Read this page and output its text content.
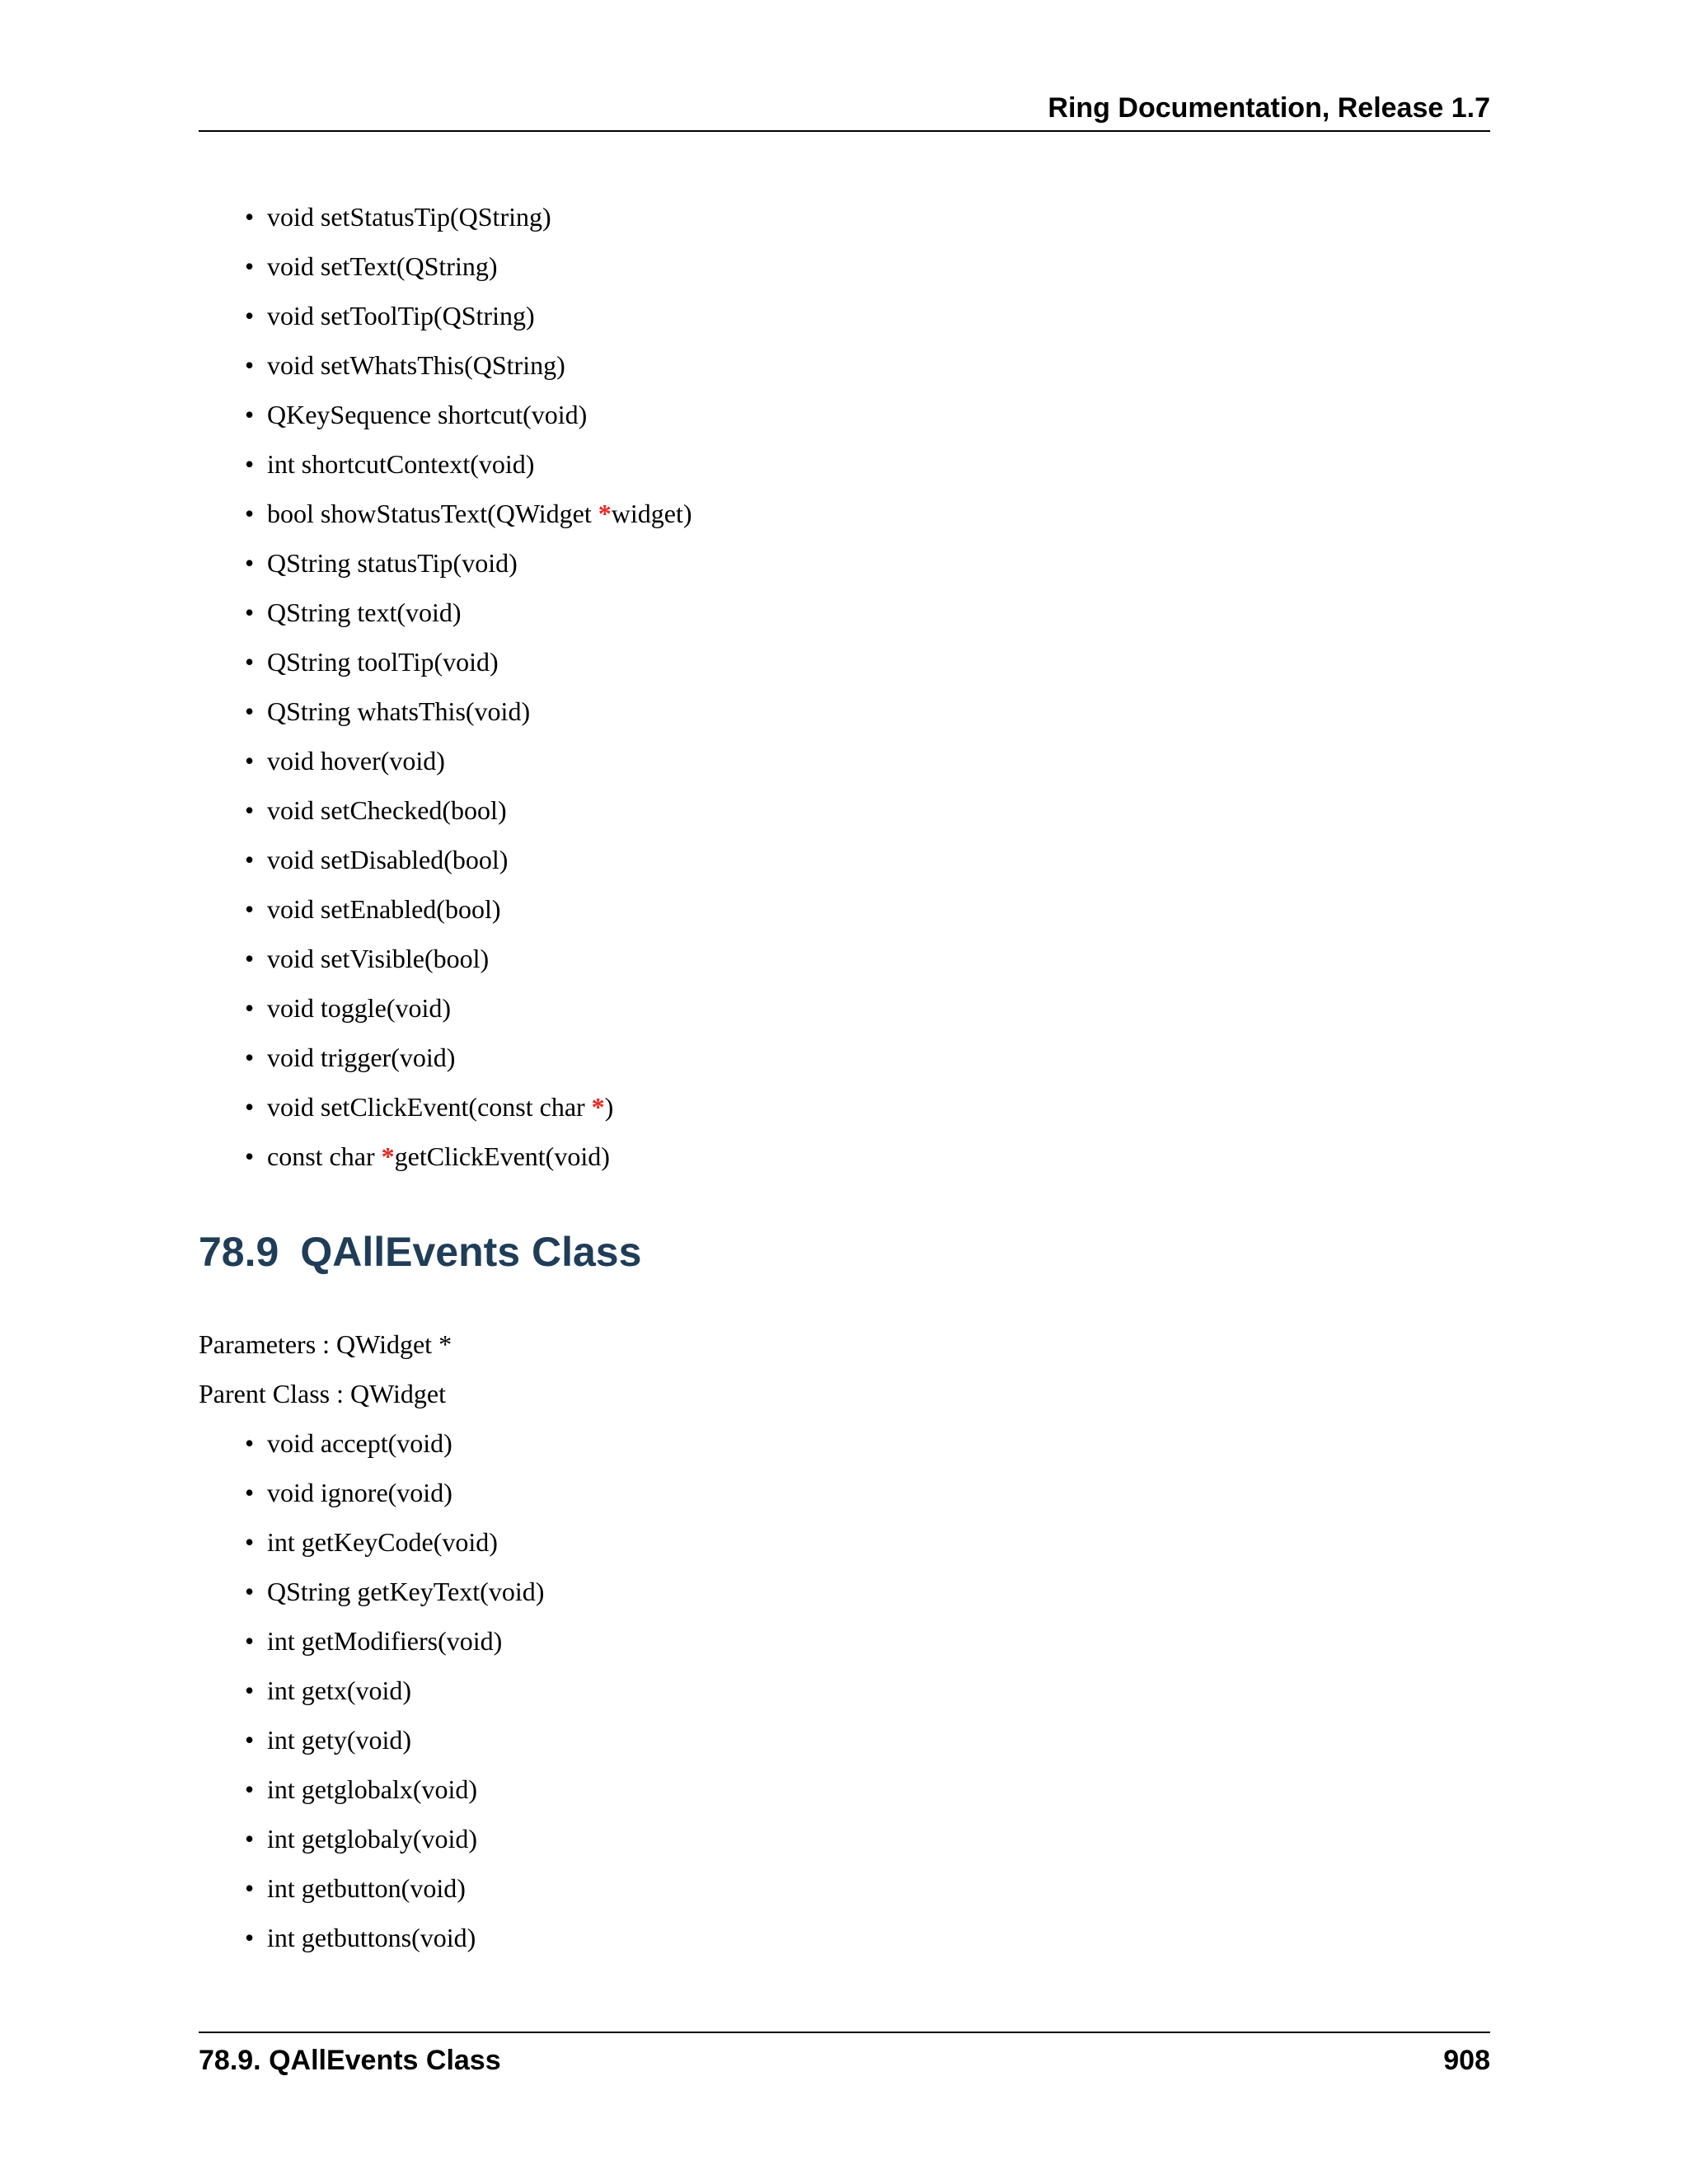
Ring Documentation, Release 1.7
• void setStatusTip(QString)
• void setText(QString)
• void setToolTip(QString)
• void setWhatsThis(QString)
• QKeySequence shortcut(void)
• int shortcutContext(void)
• bool showStatusText(QWidget *widget)
• QString statusTip(void)
• QString text(void)
• QString toolTip(void)
• QString whatsThis(void)
• void hover(void)
• void setChecked(bool)
• void setDisabled(bool)
• void setEnabled(bool)
• void setVisible(bool)
• void toggle(void)
• void trigger(void)
• void setClickEvent(const char *)
• const char *getClickEvent(void)
78.9 QAllEvents Class

Parameters : QWidget *

Parent Class : QWidget

• void accept(void)
• void ignore(void)
• int getKeyCode(void)
• QString getKeyText(void)
• int getModifiers(void)
• int getx(void)
• int gety(void)
• int getglobalx(void)
• int getglobaly(void)
• int getbutton(void)
• int getbuttons(void)
78.9. QAllEvents Class	908
